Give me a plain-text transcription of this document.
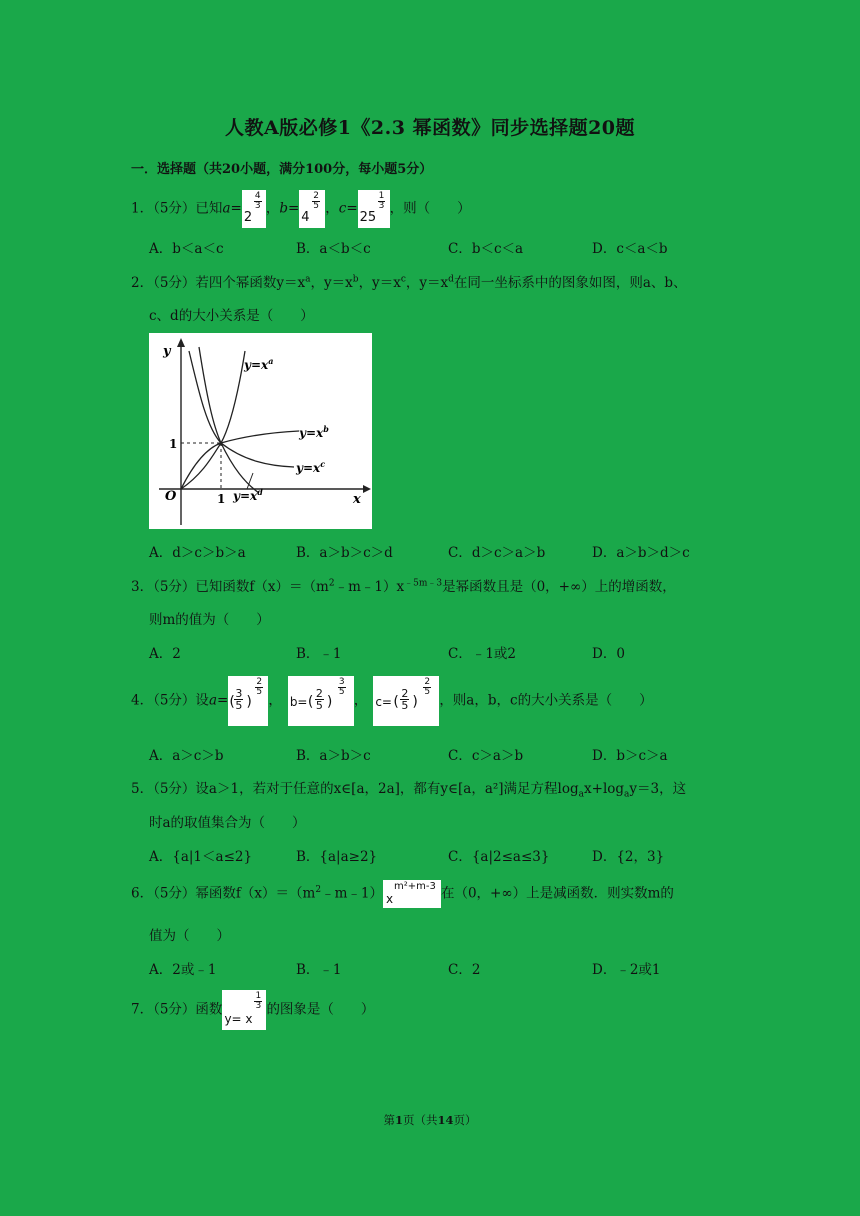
人教A版必修1《2.3 幂函数》同步选择题20题
一．选择题（共20小题，满分100分，每小题5分）
1．（5分）已知a=
2
$\frac{4}{3}$ ，b=
4
$\frac{2}{5}$ ，c=
25
$\frac{1}{3}$ ，则（　　）
A．b＜a＜c	B．a＜b＜c	C．b＜c＜a	D．c＜a＜b
2．（5分）若四个幂函数$y=x^a$，$y=x^b$，$y=x^c$，$y=x^d$在同一坐标系中的图象如图，则a、b、
c、d的大小关系是（　　）
y
x
O
1
1
$y=x^a$
$y=x^b$
$y=x^c$
$y=x^d$
A．d＞c＞b＞a	B．a＞b＞c＞d	C．d＞c＞a＞b	D．a＞b＞d＞c
3．（5分）已知函数$f(x)=(m^2﹣m﹣1)x^{﹣5m﹣3}$是幂函数且是（0，+∞）上的增函数，
则m的值为（　　）
A．2	B．﹣1	C．﹣1或2	D．0
4．（5分）设a= ( $\frac{3}{5}$ )
$\frac{2}{5}$
， b= ( $\frac{2}{5}$ )
$\frac{3}{5}$
， c= ( $\frac{2}{5}$ )
$\frac{2}{5}$
，则a，b，c的大小关系是（　　）
A．a＞c＞b	B．a＞b＞c	C．c＞a＞b	D．b＞c＞a
5．（5分）设a＞1，若对于任意的x∈[a，2a]，都有y∈[a，a²]满足方程$\log_ax+\log_ay=3$，这
时a的取值集合为（　　）
A．{a|1＜a≤2}	B．{a|a≥2}	C．{a|2≤a≤3}	D．{2，3}
6．（5分）幂函数$f(x)=(m^2﹣m﹣1)$ x
m²+m-3 在（0，+∞）上是减函数．则实数m的
值为（　　）
A．2或﹣1	B．﹣1	C．2	D．﹣2或1
7．（5分）函数
y= x
$\frac{1}{3}$ 的图象是（　　）
第1页（共14页）
